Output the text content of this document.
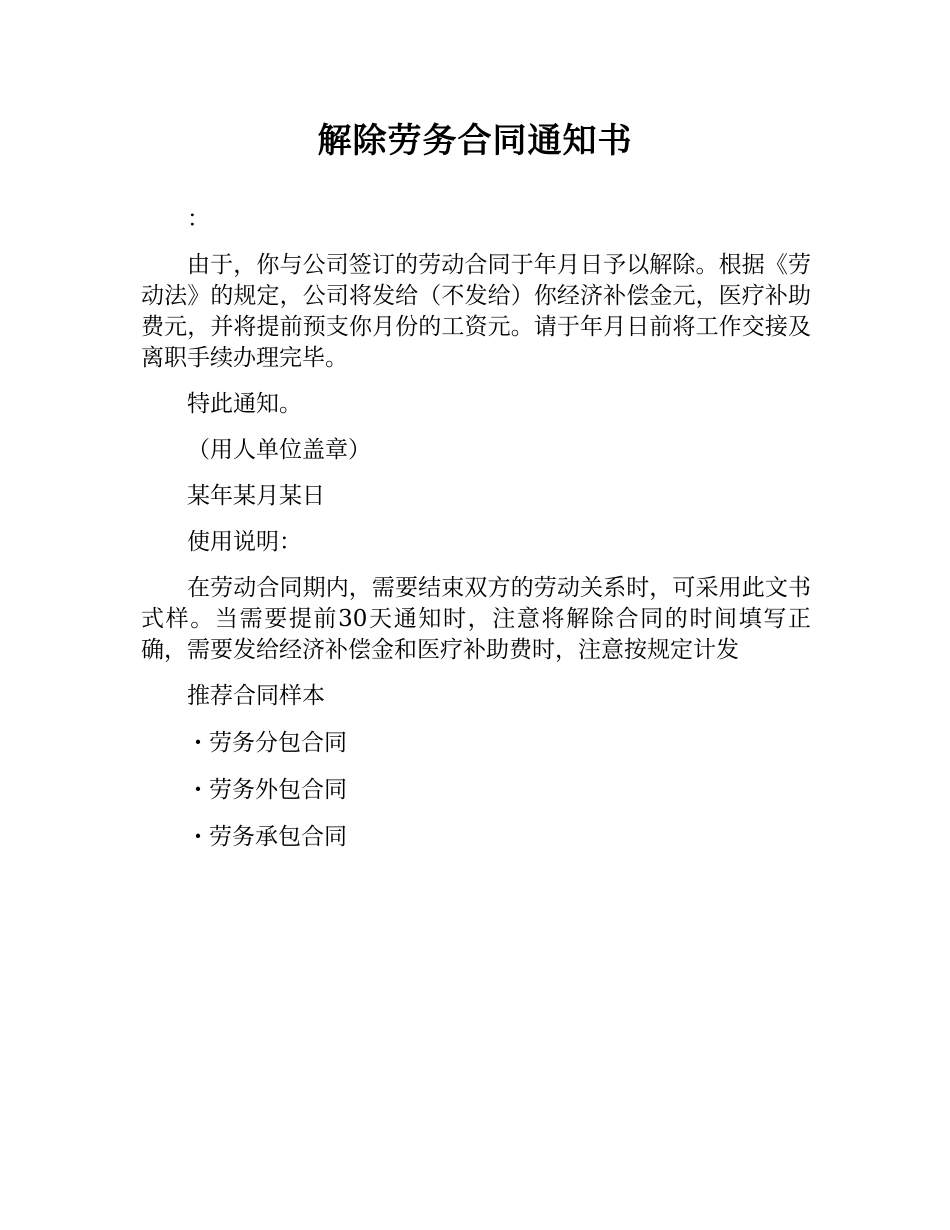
解除劳务合同通知书

：

由于，你与公司签订的劳动合同于年月日予以解除。根据《劳动法》的规定，公司将发给（不发给）你经济补偿金元，医疗补助费元，并将提前预支你月份的工资元。请于年月日前将工作交接及离职手续办理完毕。

特此通知。

（用人单位盖章）

某年某月某日

使用说明：

在劳动合同期内，需要结束双方的劳动关系时，可采用此文书式样。当需要提前30天通知时，注意将解除合同的时间填写正确，需要发给经济补偿金和医疗补助费时，注意按规定计发

推荐合同样本

· 劳务分包合同
· 劳务外包合同
· 劳务承包合同
